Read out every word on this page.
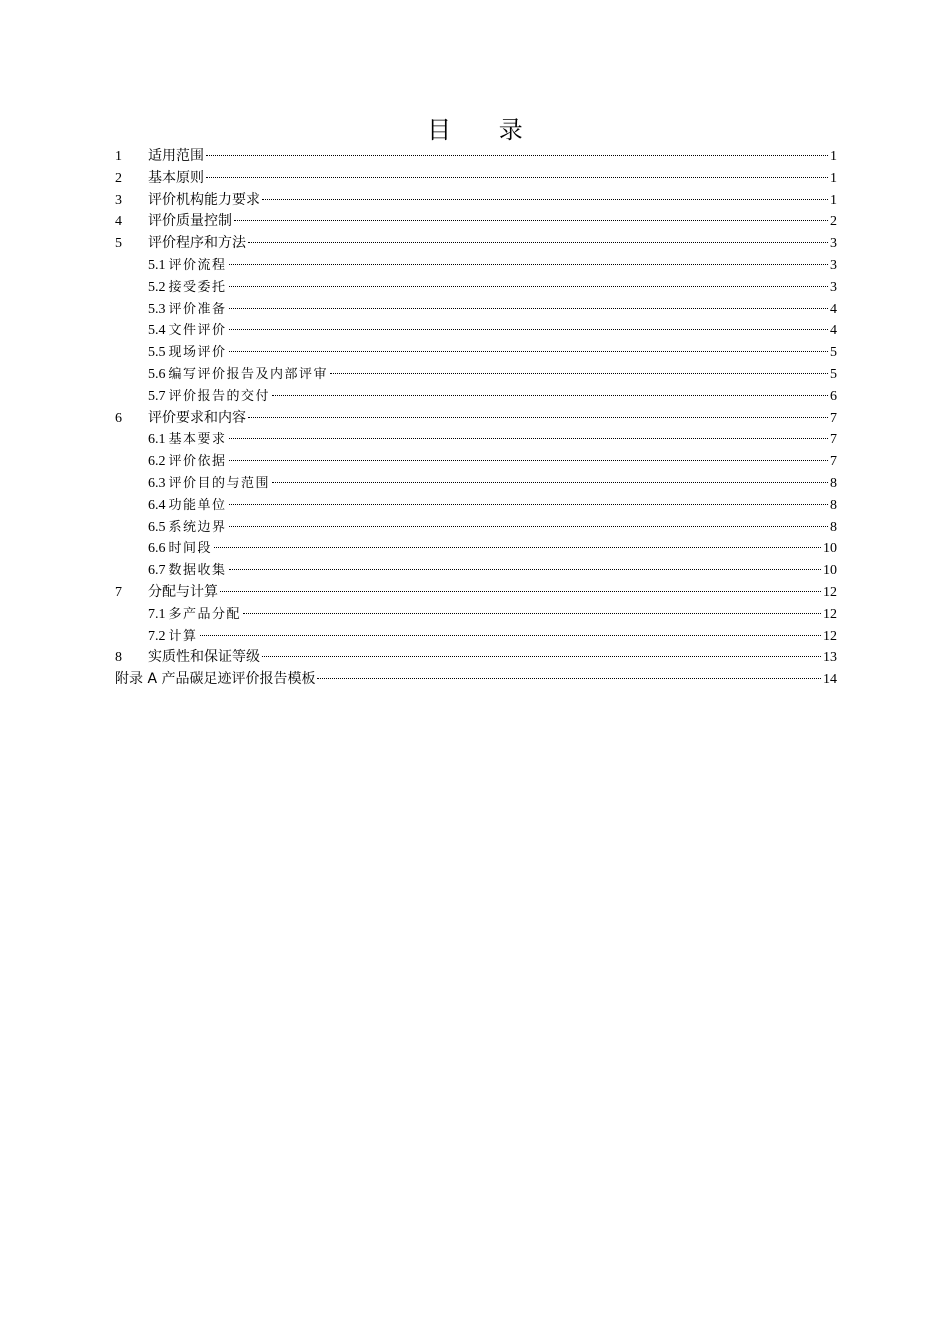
目 录
1	适用范围	1
2	基本原则	1
3	评价机构能力要求	1
4	评价质量控制	2
5	评价程序和方法	3
5.1 评价流程	3
5.2 接受委托	3
5.3 评价准备	4
5.4 文件评价	4
5.5 现场评价	5
5.6 编写评价报告及内部评审	5
5.7 评价报告的交付	6
6	评价要求和内容	7
6.1 基本要求	7
6.2 评价依据	7
6.3 评价目的与范围	8
6.4 功能单位	8
6.5 系统边界	8
6.6 时间段	10
6.7 数据收集	10
7	分配与计算	12
7.1 多产品分配	12
7.2 计算	12
8	实质性和保证等级	13
附录 A 产品碳足迹评价报告模板	14
